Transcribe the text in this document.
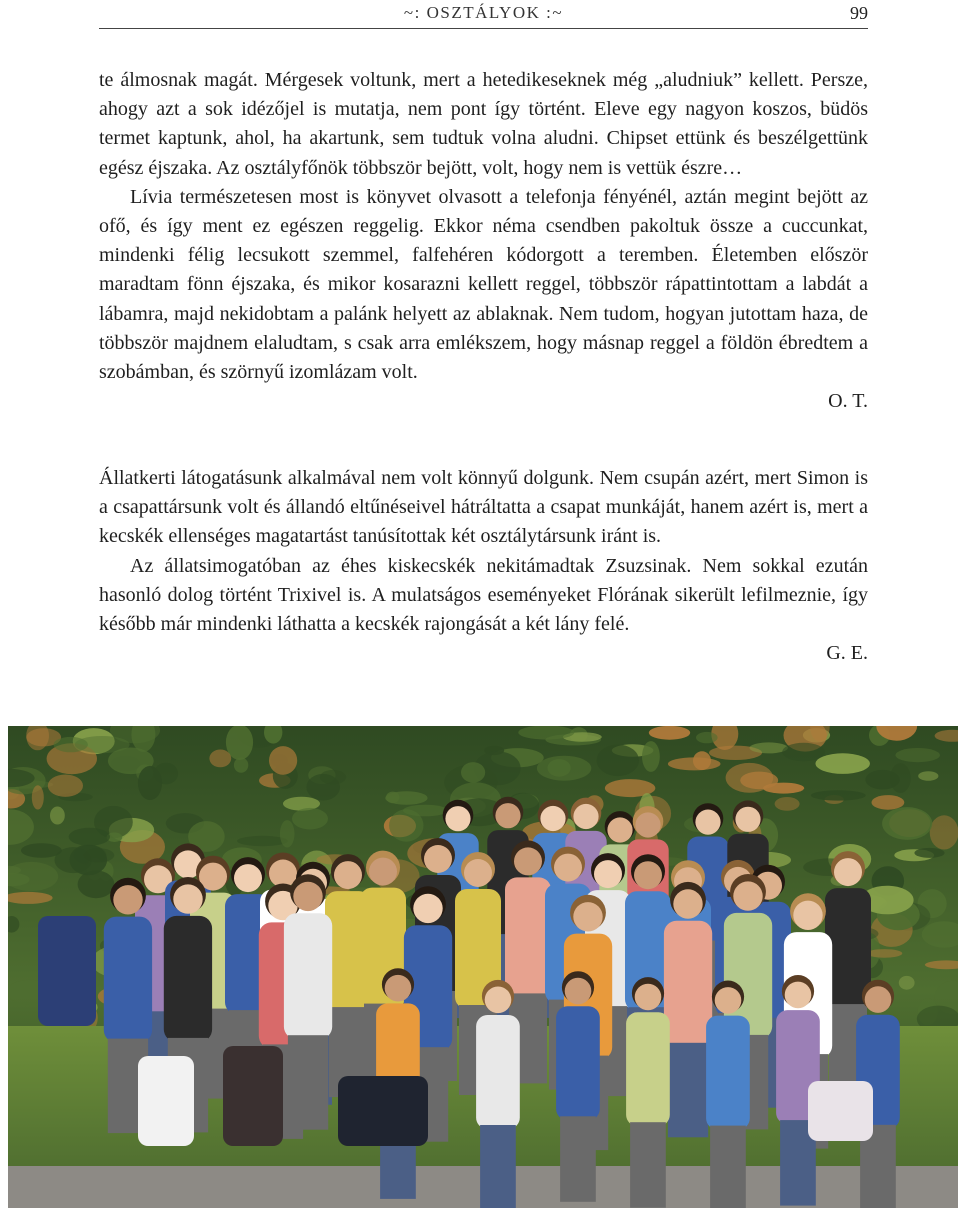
~: OSZTÁLYOK :~	99

te álmosnak magát. Mérgesek voltunk, mert a hetedikeseknek még „aludniuk” kellett. Persze, ahogy azt a sok idézőjel is mutatja, nem pont így történt. Eleve egy nagyon koszos, büdös termet kaptunk, ahol, ha akartunk, sem tudtuk volna aludni. Chipset ettünk és beszélgettünk egész éjszaka. Az osztályfőnök többször bejött, volt, hogy nem is vettük észre…

Lívia természetesen most is könyvet olvasott a telefonja fényénél, aztán megint bejött az ofő, és így ment ez egészen reggelig. Ekkor néma csendben pakoltuk össze a cuccunkat, mindenki félig lecsukott szemmel, falfehéren kódorgott a teremben. Életemben először maradtam fönn éjszaka, és mikor kosarazni kellett reggel, többször rápattintottam a labdát a lábamra, majd nekidobtam a palánk helyett az ablaknak. Nem tudom, hogyan jutottam haza, de többször majdnem elaludtam, s csak arra emlékszem, hogy másnap reggel a földön ébredtem a szobámban, és szörnyű izomlázam volt.

O. T.

Állatkerti látogatásunk alkalmával nem volt könnyű dolgunk. Nem csupán azért, mert Simon is a csapattársunk volt és állandó eltűnéseivel hátráltatta a csapat munkáját, hanem azért is, mert a kecskék ellenséges magatartást tanúsítottak két osztálytársunk iránt is.

Az állatsimogatóban az éhes kiskecskék nekitámadtak Zsuzsinak. Nem sokkal ezután hasonló dolog történt Trixivel is. A mulatságos eseményeket Flórának sikerült lefilmeznie, így később már mindenki láthatta a kecskék rajongását a két lány felé.

G. E.
